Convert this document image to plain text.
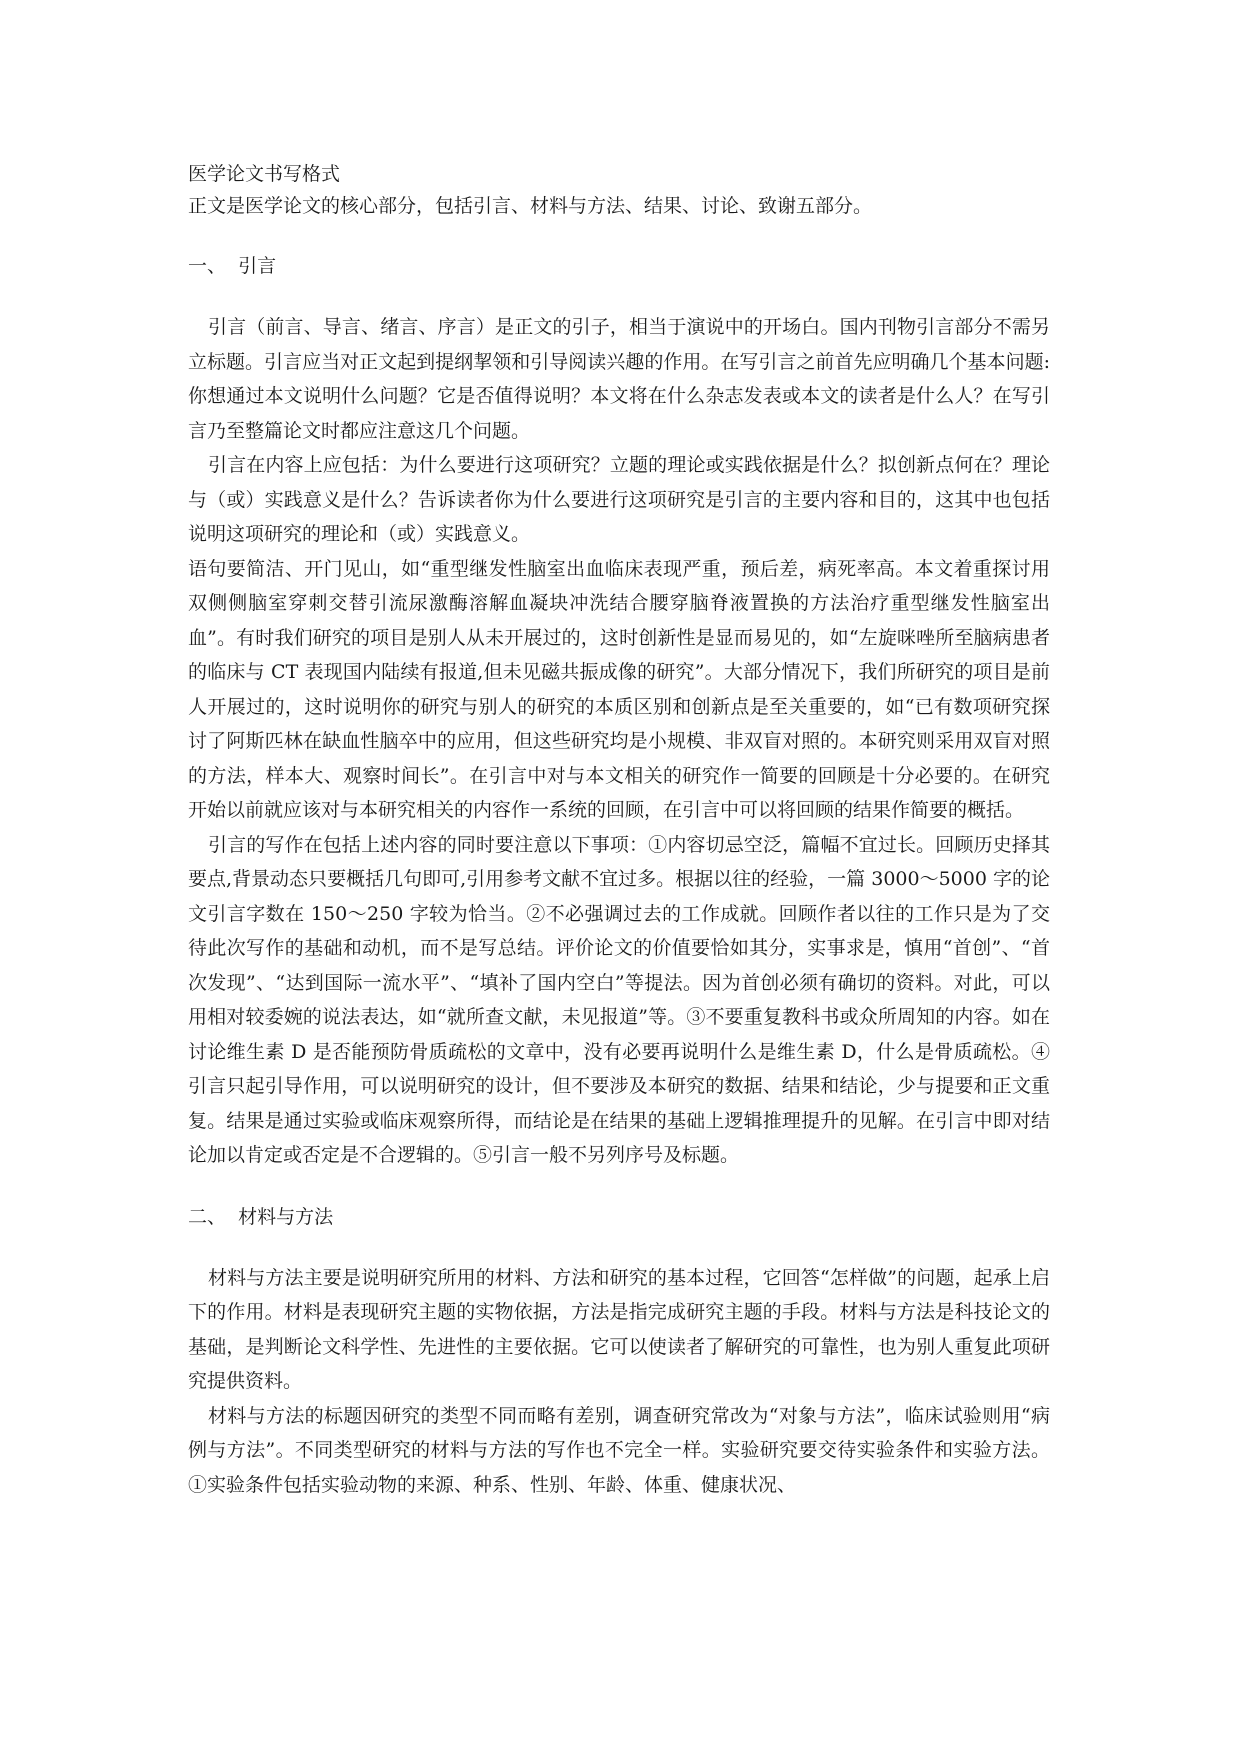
医学论文书写格式

正文是医学论文的核心部分，包括引言、材料与方法、结果、讨论、致谢五部分。

一、  引言

引言（前言、导言、绪言、序言）是正文的引子，相当于演说中的开场白。国内刊物引言部分不需另立标题。引言应当对正文起到提纲挈领和引导阅读兴趣的作用。在写引言之前首先应明确几个基本问题: 你想通过本文说明什么问题？它是否值得说明？本文将在什么杂志发表或本文的读者是什么人？在写引言乃至整篇论文时都应注意这几个问题。

引言在内容上应包括：为什么要进行这项研究？立题的理论或实践依据是什么？拟创新点何在？理论与（或）实践意义是什么？告诉读者你为什么要进行这项研究是引言的主要内容和目的，这其中也包括说明这项研究的理论和（或）实践意义。

语句要简洁、开门见山，如“重型继发性脑室出血临床表现严重，预后差，病死率高。本文着重探讨用双侧侧脑室穿刺交替引流尿激酶溶解血凝块冲洗结合腰穿脑脊液置换的方法治疗重型继发性脑室出血”。有时我们研究的项目是别人从未开展过的，这时创新性是显而易见的，如“左旋咪唑所至脑病患者的临床与 CT 表现国内陆续有报道,但未见磁共振成像的研究”。大部分情况下，我们所研究的项目是前人开展过的，这时说明你的研究与别人的研究的本质区别和创新点是至关重要的，如“已有数项研究探讨了阿斯匹林在缺血性脑卒中的应用，但这些研究均是小规模、非双盲对照的。本研究则采用双盲对照的方法，样本大、观察时间长”。在引言中对与本文相关的研究作一简要的回顾是十分必要的。在研究开始以前就应该对与本研究相关的内容作一系统的回顾，在引言中可以将回顾的结果作简要的概括。

引言的写作在包括上述内容的同时要注意以下事项：①内容切忌空泛，篇幅不宜过长。回顾历史择其要点,背景动态只要概括几句即可,引用参考文献不宜过多。根据以往的经验，一篇 3000～5000 字的论文引言字数在 150～250 字较为恰当。②不必强调过去的工作成就。回顾作者以往的工作只是为了交待此次写作的基础和动机，而不是写总结。评价论文的价值要恰如其分，实事求是，慎用“首创”、“首次发现”、“达到国际一流水平”、“填补了国内空白”等提法。因为首创必须有确切的资料。对此，可以用相对较委婉的说法表达，如“就所查文献，未见报道”等。③不要重复教科书或众所周知的内容。如在讨论维生素 D 是否能预防骨质疏松的文章中，没有必要再说明什么是维生素 D，什么是骨质疏松。④引言只起引导作用，可以说明研究的设计，但不要涉及本研究的数据、结果和结论，少与提要和正文重复。结果是通过实验或临床观察所得，而结论是在结果的基础上逻辑推理提升的见解。在引言中即对结论加以肯定或否定是不合逻辑的。⑤引言一般不另列序号及标题。

二、  材料与方法

材料与方法主要是说明研究所用的材料、方法和研究的基本过程，它回答“怎样做”的问题，起承上启下的作用。材料是表现研究主题的实物依据，方法是指完成研究主题的手段。材料与方法是科技论文的基础，是判断论文科学性、先进性的主要依据。它可以使读者了解研究的可靠性，也为别人重复此项研究提供资料。

材料与方法的标题因研究的类型不同而略有差别，调查研究常改为“对象与方法”，临床试验则用“病例与方法”。不同类型研究的材料与方法的写作也不完全一样。实验研究要交待实验条件和实验方法。①实验条件包括实验动物的来源、种系、性别、年龄、体重、健康状况、
